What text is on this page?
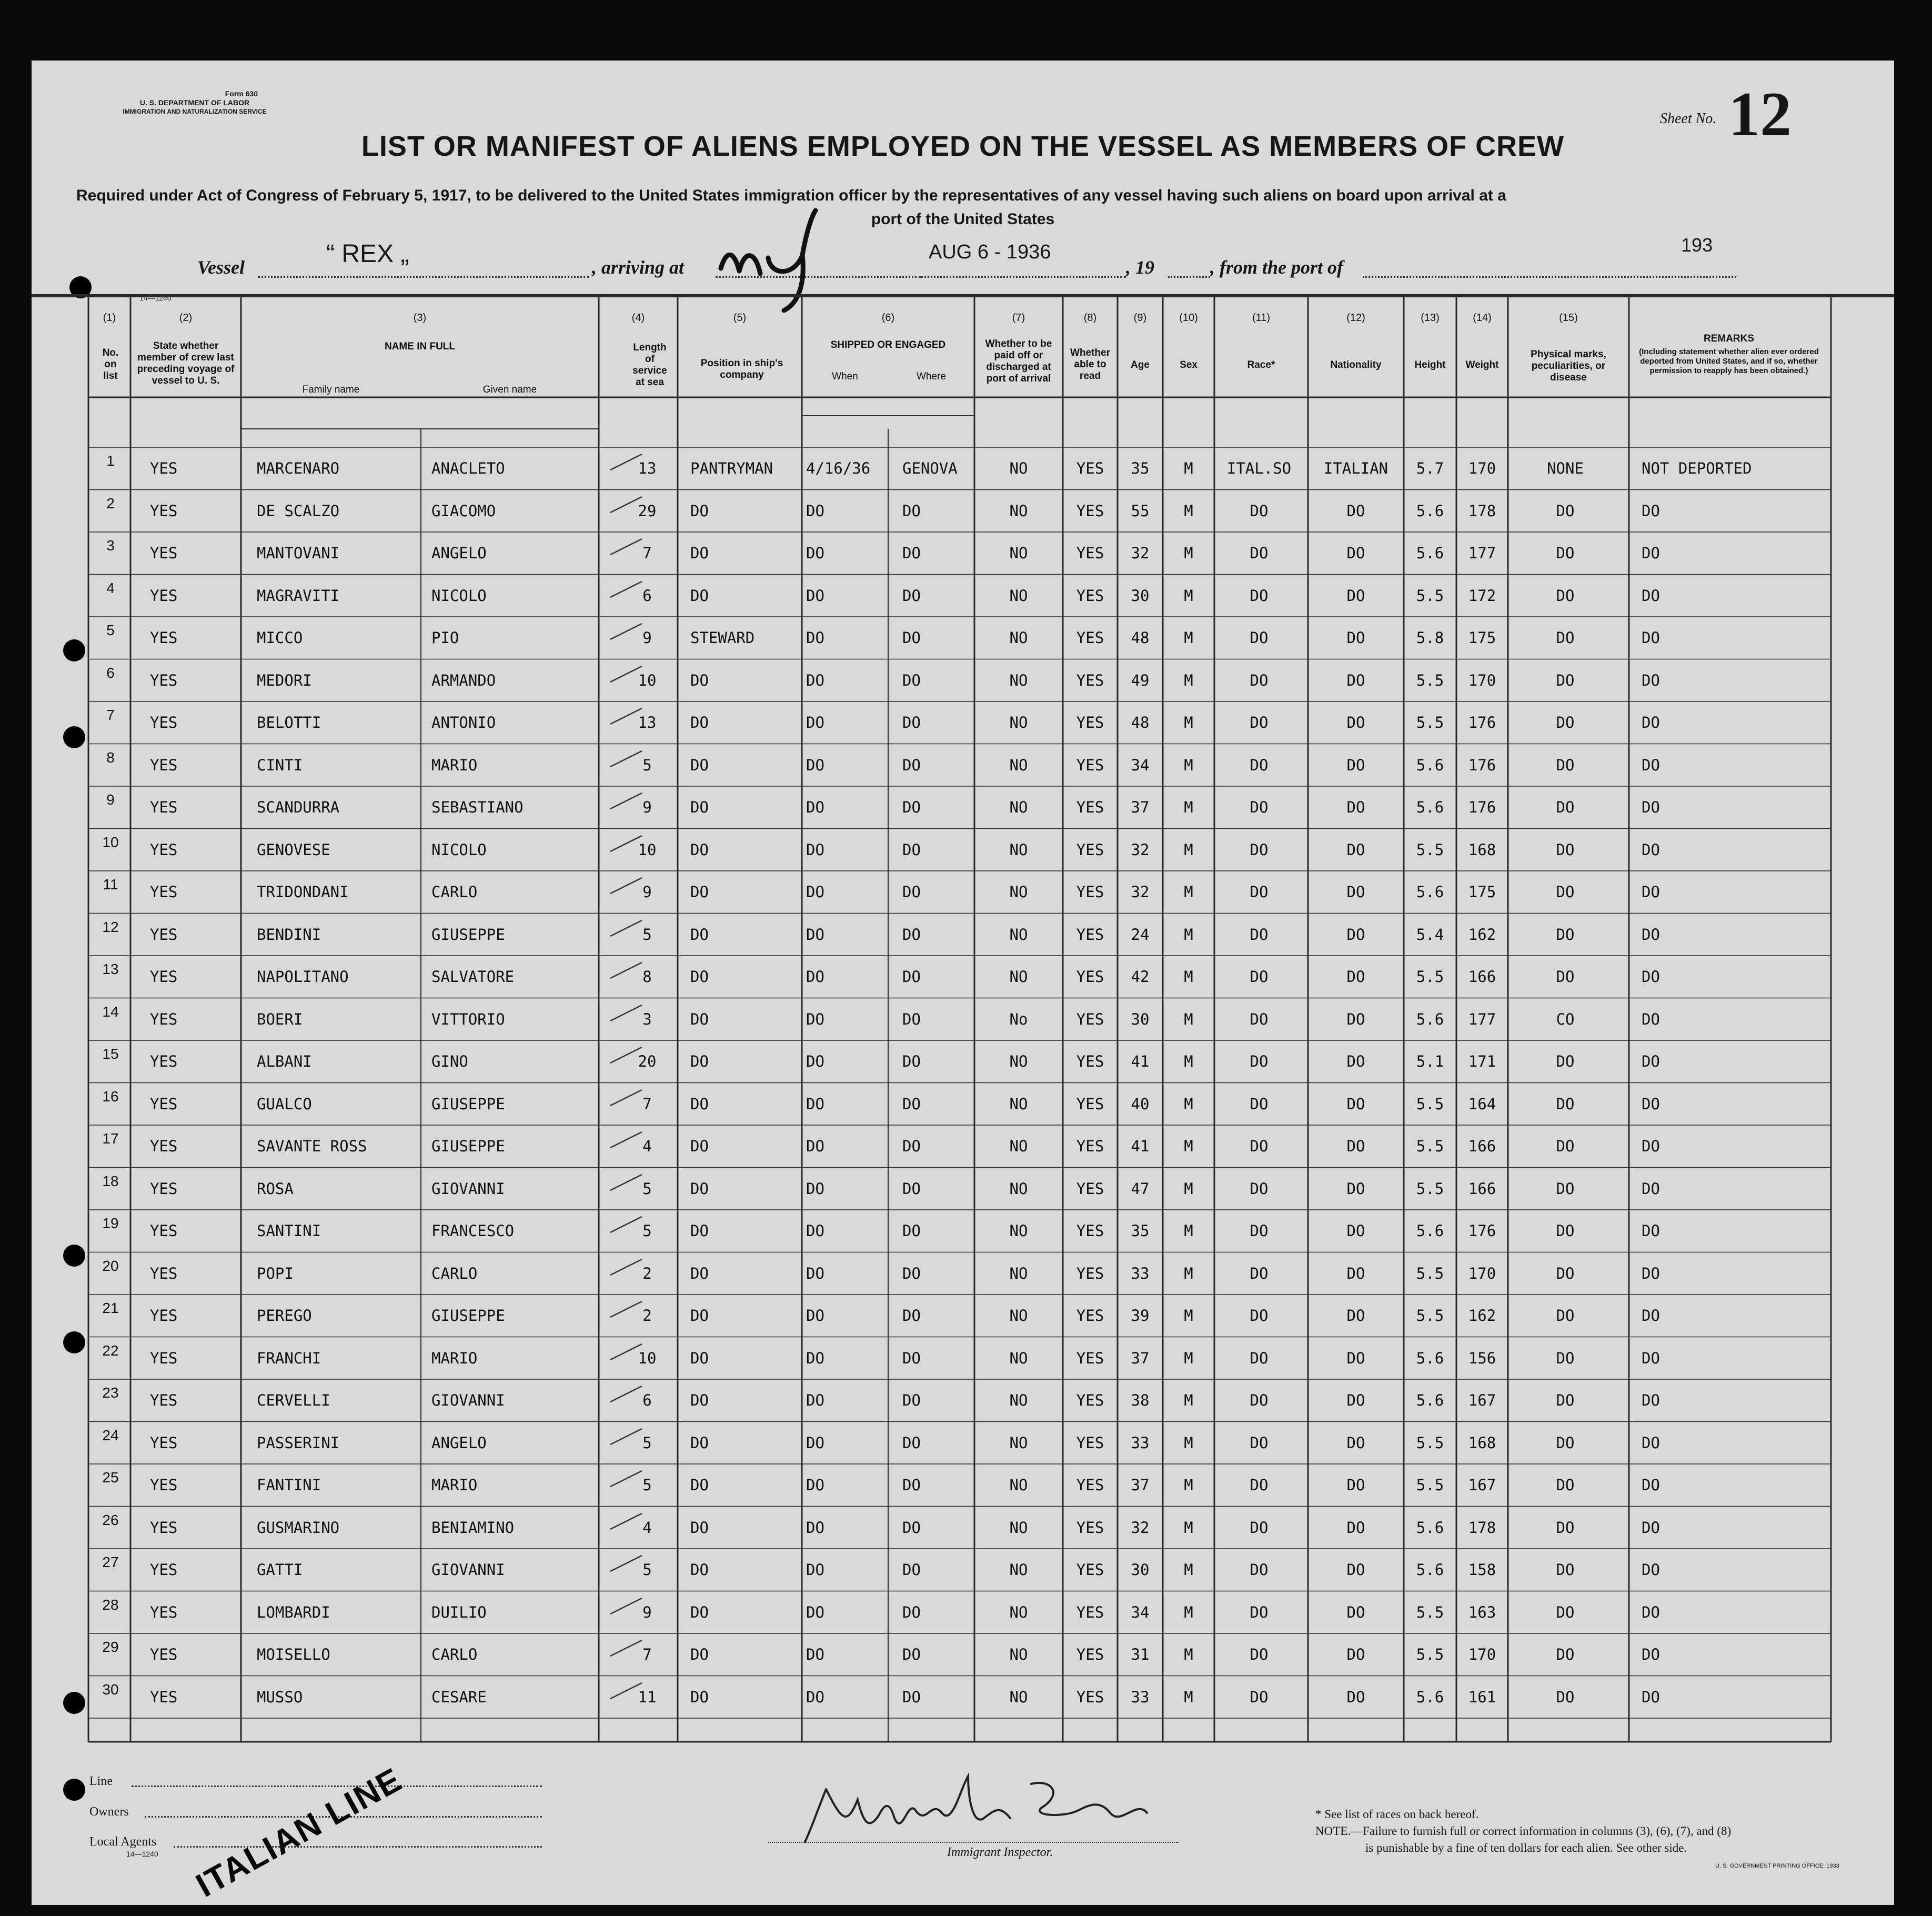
Form 630
U. S. DEPARTMENT OF LABOR
IMMIGRATION AND NATURALIZATION SERVICE	Sheet No. 12
LIST OR MANIFEST OF ALIENS EMPLOYED ON THE VESSEL AS MEMBERS OF CREW
Required under Act of Congress of February 5, 1917, to be delivered to the United States immigration officer by the representatives of any vessel having such aliens on board upon arrival at a
port of the United States
Vessel	“ REX „	, arriving at
NY
AUG 6 - 1936
, 19	, from the port of
193
14—1240
(1)
No. on list
(2)
State whether member of crew last preceding voyage of vessel to U. S.
(3)
NAME IN FULL
Family name	Given name
(4)
Length of service at sea
(5)
Position in ship's company
(6)
SHIPPED OR ENGAGED
When	Where
(7)
Whether to be paid off or discharged at port of arrival
(8)
Whether able to read
(9)
Age
(10)
Sex
(11)
Race*
(12)
Nationality
(13)
Height
(14)
Weight
(15)
Physical marks, peculiarities, or disease
REMARKS
(Including statement whether alien ever ordered deported from United States, and if so, whether permission to reapply has been obtained.)
1	YES	MARCENARO	ANACLETO	13	PANTRYMAN 4/16/36 GENOVA	NO	YES	35	M	ITAL.SO	ITALIAN	5.7	170	NONE	NOT DEPORTED
2	YES	DE SCALZO	GIACOMO	29	DO	DO	DO	NO	YES	55	M	DO	DO	5.6	178	DO	DO
3	YES	MANTOVANI	ANGELO	7	DO	DO	DO	NO	YES	32	M	DO	DO	5.6	177	DO	DO
4	YES	MAGRAVITI	NICOLO	6	DO	DO	DO	NO	YES	30	M	DO	DO	5.5	172	DO	DO
5	YES	MICCO	PIO	9	STEWARD	DO	DO	NO	YES	48	M	DO	DO	5.8	175	DO	DO
6	YES	MEDORI	ARMANDO	10	DO	DO	DO	NO	YES	49	M	DO	DO	5.5	170	DO	DO
7	YES	BELOTTI	ANTONIO	13	DO	DO	DO	NO	YES	48	M	DO	DO	5.5	176	DO	DO
8	YES	CINTI	MARIO	5	DO	DO	DO	NO	YES	34	M	DO	DO	5.6	176	DO	DO
9	YES	SCANDURRA	SEBASTIANO	9	DO	DO	DO	NO	YES	37	M	DO	DO	5.6	176	DO	DO
10	YES	GENOVESE	NICOLO	10	DO	DO	DO	NO	YES	32	M	DO	DO	5.5	168	DO	DO
11	YES	TRIDONDANI	CARLO	9	DO	DO	DO	NO	YES	32	M	DO	DO	5.6	175	DO	DO
12	YES	BENDINI	GIUSEPPE	5	DO	DO	DO	NO	YES	24	M	DO	DO	5.4	162	DO	DO
13	YES	NAPOLITANO	SALVATORE	8	DO	DO	DO	NO	YES	42	M	DO	DO	5.5	166	DO	DO
14	YES	BOERI	VITTORIO	3	DO	DO	DO	No	YES	30	M	DO	DO	5.6	177	CO	DO
15	YES	ALBANI	GINO	20	DO	DO	DO	NO	YES	41	M	DO	DO	5.1	171	DO	DO
16	YES	GUALCO	GIUSEPPE	7	DO	DO	DO	NO	YES	40	M	DO	DO	5.5	164	DO	DO
17	YES	SAVANTE ROSS	GIUSEPPE	4	DO	DO	DO	NO	YES	41	M	DO	DO	5.5	166	DO	DO
18	YES	ROSA	GIOVANNI	5	DO	DO	DO	NO	YES	47	M	DO	DO	5.5	166	DO	DO
19	YES	SANTINI	FRANCESCO	5	DO	DO	DO	NO	YES	35	M	DO	DO	5.6	176	DO	DO
20	YES	POPI	CARLO	2	DO	DO	DO	NO	YES	33	M	DO	DO	5.5	170	DO	DO
21	YES	PEREGO	GIUSEPPE	2	DO	DO	DO	NO	YES	39	M	DO	DO	5.5	162	DO	DO
22	YES	FRANCHI	MARIO	10	DO	DO	DO	NO	YES	37	M	DO	DO	5.6	156	DO	DO
23	YES	CERVELLI	GIOVANNI	6	DO	DO	DO	NO	YES	38	M	DO	DO	5.6	167	DO	DO
24	YES	PASSERINI	ANGELO	5	DO	DO	DO	NO	YES	33	M	DO	DO	5.5	168	DO	DO
25	YES	FANTINI	MARIO	5	DO	DO	DO	NO	YES	37	M	DO	DO	5.5	167	DO	DO
26	YES	GUSMARINO	BENIAMINO	4	DO	DO	DO	NO	YES	32	M	DO	DO	5.6	178	DO	DO
27	YES	GATTI	GIOVANNI	5	DO	DO	DO	NO	YES	30	M	DO	DO	5.6	158	DO	DO
28	YES	LOMBARDI	DUILIO	9	DO	DO	DO	NO	YES	34	M	DO	DO	5.5	163	DO	DO
29	YES	MOISELLO	CARLO	7	DO	DO	DO	NO	YES	31	M	DO	DO	5.5	170	DO	DO
30	YES	MUSSO	CESARE	11	DO	DO	DO	NO	YES	33	M	DO	DO	5.6	161	DO	DO
Line
Owners
Local Agents
14—1240 ITALIAN LINE	Unwilet Larson
Immigrant Inspector.
* See list of races on back hereof.
NOTE.—Failure to furnish full or correct information in columns (3), (6), (7), and (8)
is punishable by a fine of ten dollars for each alien. See other side.
U. S. GOVERNMENT PRINTING OFFICE: 1933
